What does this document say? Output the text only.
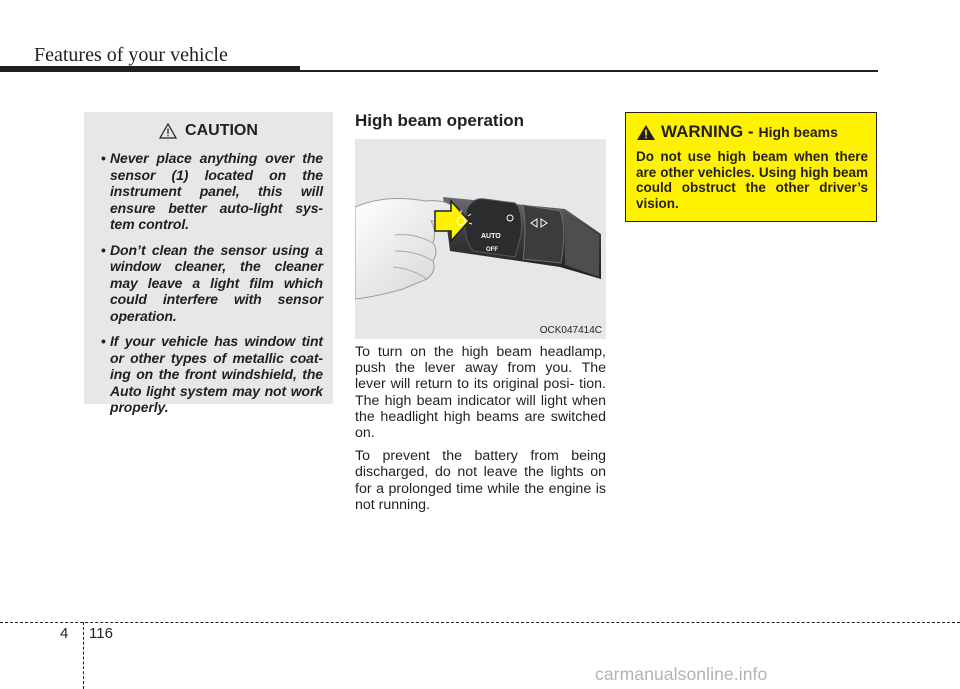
Features of your vehicle
CAUTION
• Never place anything over the sensor (1) located on the instrument panel, this will ensure better auto-light sys- tem control.
• Don’t clean the sensor using a window cleaner, the cleaner may leave a light film which could interfere with sensor operation.
• If your vehicle has window tint or other types of metallic coat- ing on the front windshield, the Auto light system may not work properly.
High beam operation
AUTO
OFF
OCK047414C

To turn on the high beam headlamp, push the lever away from you. The lever will return to its original posi- tion. The high beam indicator will light when the headlight high beams are switched on.

To prevent the battery from being discharged, do not leave the lights on for a prolonged time while the engine is not running.

WARNING - High beams

Do not use high beam when there are other vehicles. Using high beam could obstruct the other driver’s vision.

4 116
carmanualsonline.info
